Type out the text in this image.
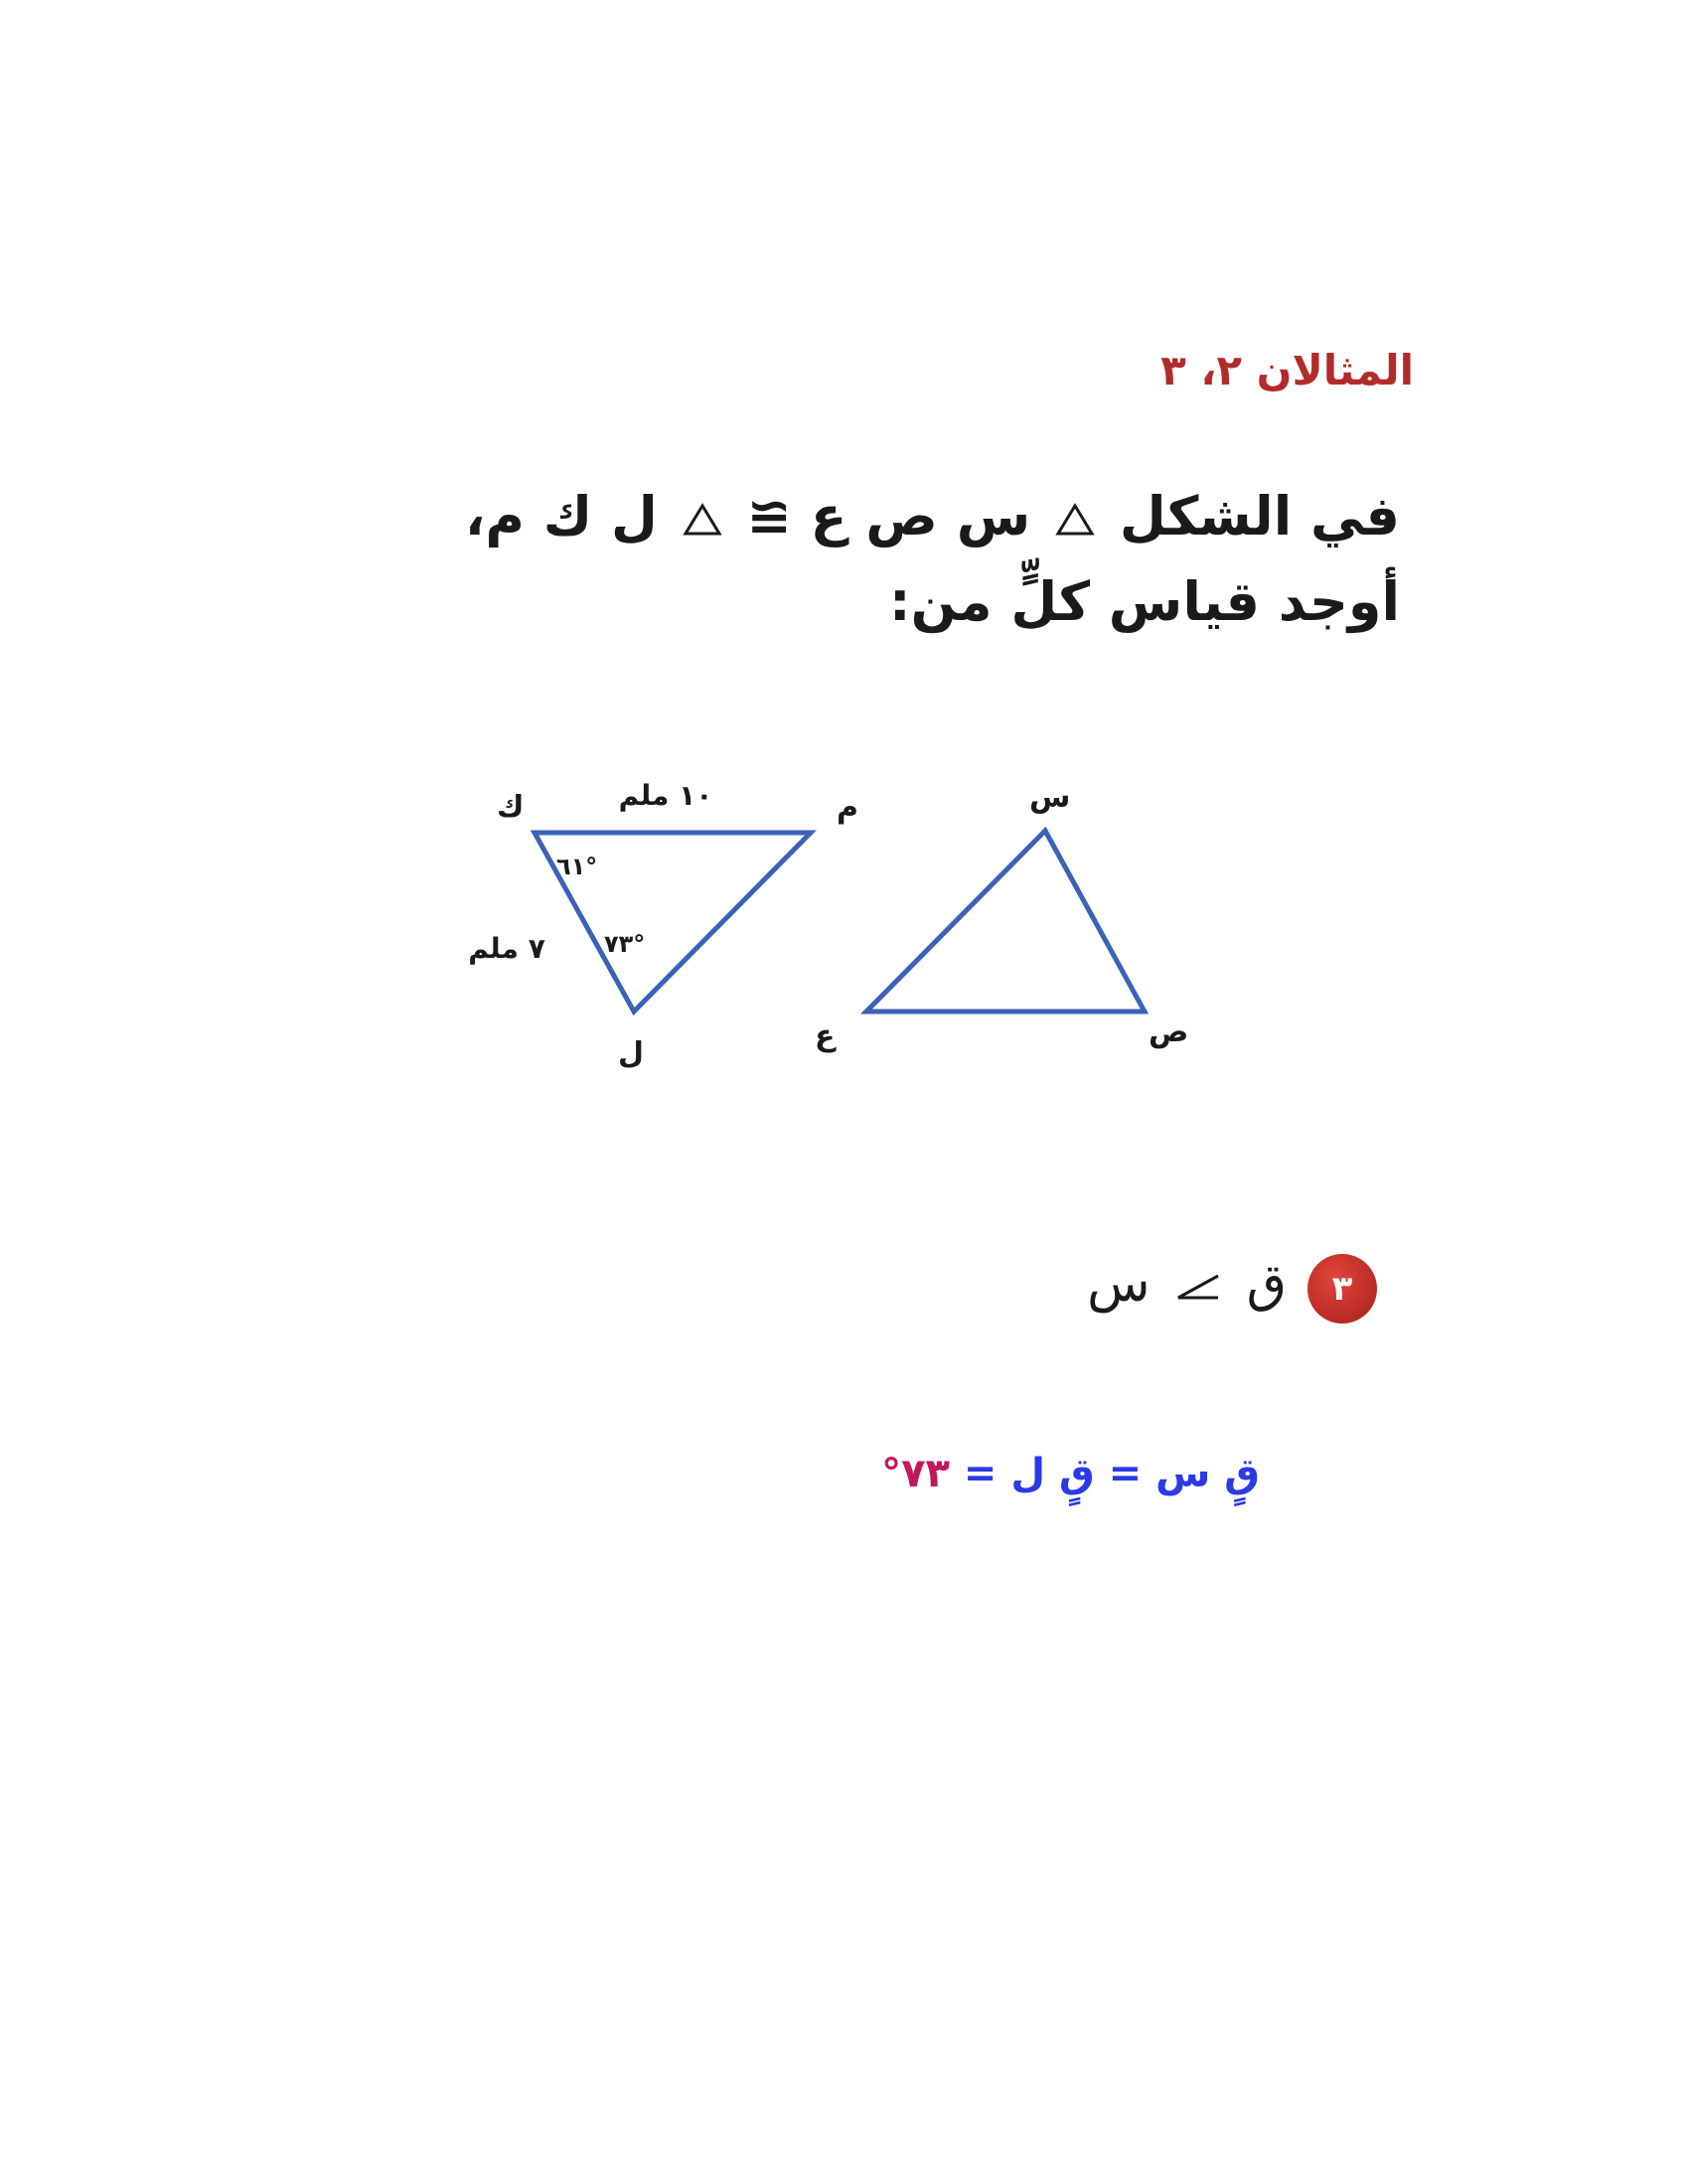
المثالان ٢، ٣
في الشكل  س ص ع ≅  ل ك م،
أوجد قياس كلٍّ من:
ك	م
ل
١٠ ملم
٧ ملم
٦١°
٧٣°
س
ص
ع
٣
ق  س
قٍ س = قٍ ل = ٧٣°
